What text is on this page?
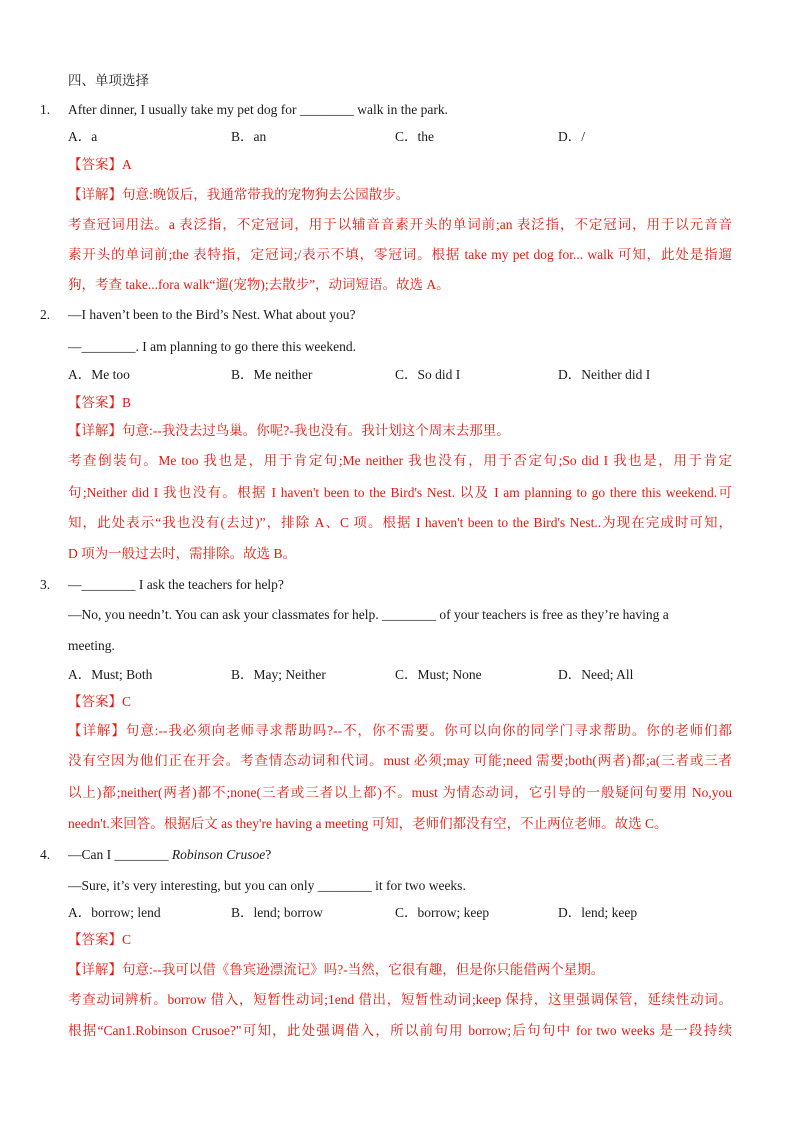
四、单项选择
1. After dinner, I usually take my pet dog for ________ walk in the park.
A．a	B．an	C．the	D．/
【答案】A
【详解】句意:晚饭后，我通常带我的宠物狗去公园散步。
考查冠词用法。a 表泛指，不定冠词，用于以辅音音素开头的单词前;an 表泛指，不定冠词，用于以元音音
素开头的单词前;the 表特指，定冠词;/表示不填，零冠词。根据 take my pet dog for... walk 可知，此处是指遛
狗，考查 take...fora walk“遛(宠物);去散步”，动词短语。故选 A。
2. —I haven’t been to the Bird’s Nest. What about you?
—________. I am planning to go there this weekend.
A．Me too	B．Me neither	C．So did I	D．Neither did I
【答案】B
【详解】句意:--我没去过鸟巢。你呢?-我也没有。我计划这个周末去那里。
考查倒装句。Me too 我也是，用于肯定句;Me neither 我也没有，用于否定句;So did I 我也是，用于肯定
句;Neither did I 我也没有。根据 I haven't been to the Bird's Nest. 以及 I am planning to go there this weekend.可
知，此处表示“我也没有(去过)”，排除 A、C 项。根据 I haven't been to the Bird's Nest..为现在完成时可知，
D 项为一般过去时，需排除。故选 B。
3. —________ I ask the teachers for help?
—No, you needn’t. You can ask your classmates for help. ________ of your teachers is free as they’re having a
meeting.
A．Must; Both	B．May; Neither	C．Must; None	D．Need; All
【答案】C
【详解】句意:--我必须向老师寻求帮助吗?--不，你不需要。你可以向你的同学门寻求帮助。你的老师们都
没有空因为他们正在开会。考查情态动词和代词。must 必须;may 可能;need 需要;both(两者)都;a(三者或三者
以上)都;neither(两者)都不;none(三者或三者以上都)不。must 为情态动词，它引导的一般疑问句要用 No,you
needn't.来回答。根据后文 as they're having a meeting 可知，老师们都没有空，不止两位老师。故选 C。
4. —Can I ________ Robinson Crusoe?
—Sure, it’s very interesting, but you can only ________ it for two weeks.
A．borrow; lend	B．lend; borrow	C．borrow; keep	D．lend; keep
【答案】C
【详解】句意:--我可以借《鲁宾逊漂流记》吗?-当然，它很有趣，但是你只能借两个星期。
考查动词辨析。borrow 借入，短暂性动词;1end 借出，短暂性动词;keep 保持，这里强调保管，延续性动词。
根据“Can1.Robinson Crusoe?"可知，此处强调借入，所以前句用 borrow;后句句中 for two weeks 是一段持续
